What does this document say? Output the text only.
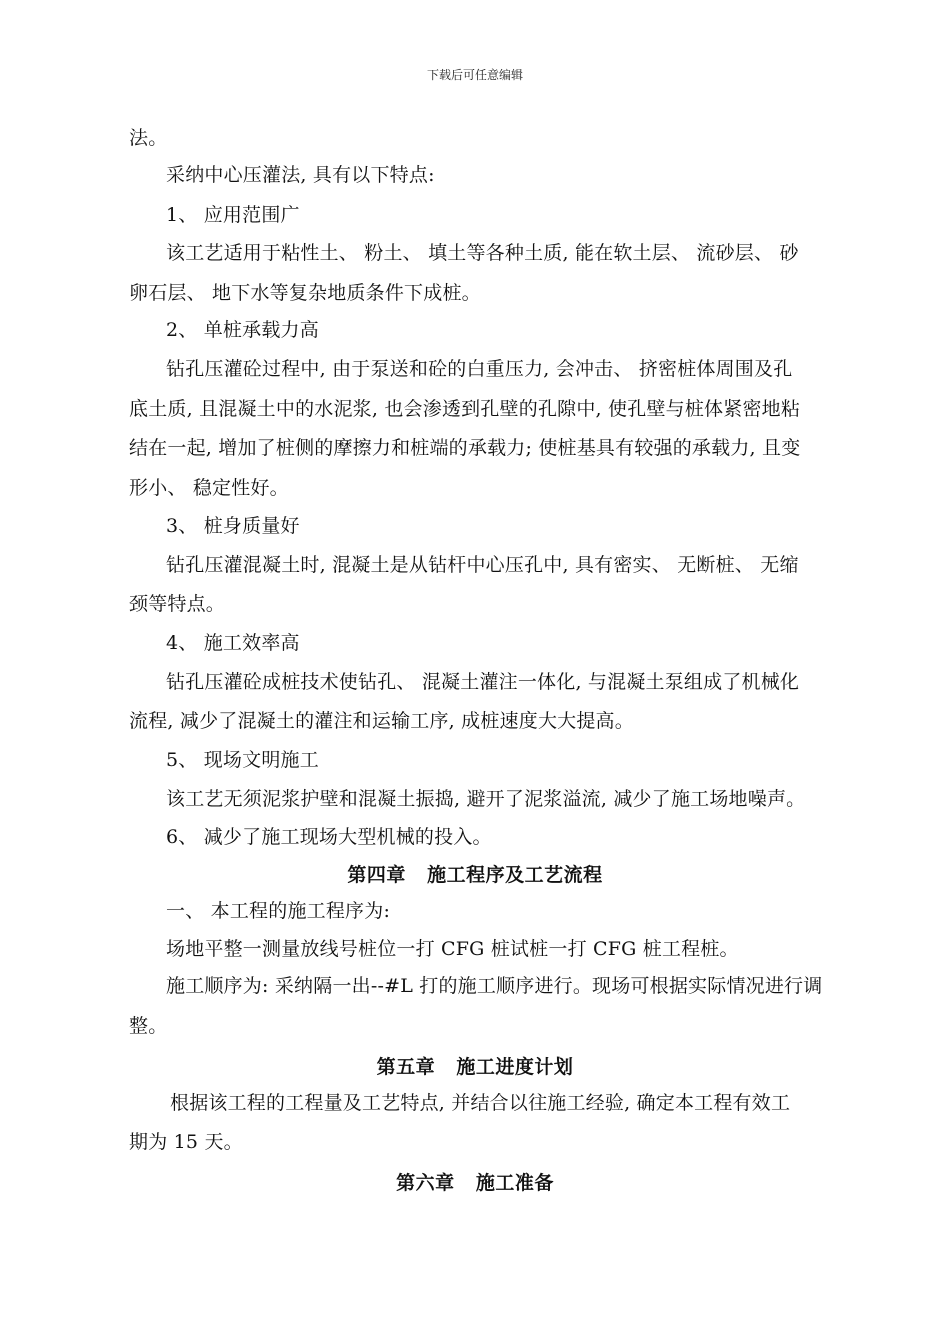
下载后可任意编辑
法。
采纳中心压灌法, 具有以下特点:
1、 应用范围广
该工艺适用于粘性土、 粉土、 填土等各种土质, 能在软土层、 流砂层、 砂
卵石层、 地下水等复杂地质条件下成桩。
2、 单桩承载力高
钻孔压灌砼过程中, 由于泵送和砼的白重压力, 会冲击、 挤密桩体周围及孔
底土质, 且混凝土中的水泥浆, 也会渗透到孔壁的孔隙中, 使孔壁与桩体紧密地粘
结在一起, 增加了桩侧的摩擦力和桩端的承载力; 使桩基具有较强的承载力, 且变
形小、 稳定性好。
3、 桩身质量好
钻孔压灌混凝土时, 混凝土是从钻杆中心压孔中, 具有密实、 无断桩、 无缩
颈等特点。
4、 施工效率高
钻孔压灌砼成桩技术使钻孔、 混凝土灌注一体化, 与混凝土泵组成了机械化
流程, 减少了混凝土的灌注和运输工序, 成桩速度大大提高。
5、 现场文明施工
该工艺无须泥浆护壁和混凝土振捣, 避开了泥浆溢流, 减少了施工场地噪声。
6、 减少了施工现场大型机械的投入。
第四章   施工程序及工艺流程
一、 本工程的施工程序为:
场地平整一测量放线号桩位一打 CFG 桩试桩一打 CFG 桩工程桩。
施工顺序为: 采纳隔一出--#L 打的施工顺序进行。现场可根据实际情况进行调
整。
第五章   施工进度计划
根据该工程的工程量及工艺特点, 并结合以往施工经验, 确定本工程有效工
期为 15 天。
第六章   施工准备
